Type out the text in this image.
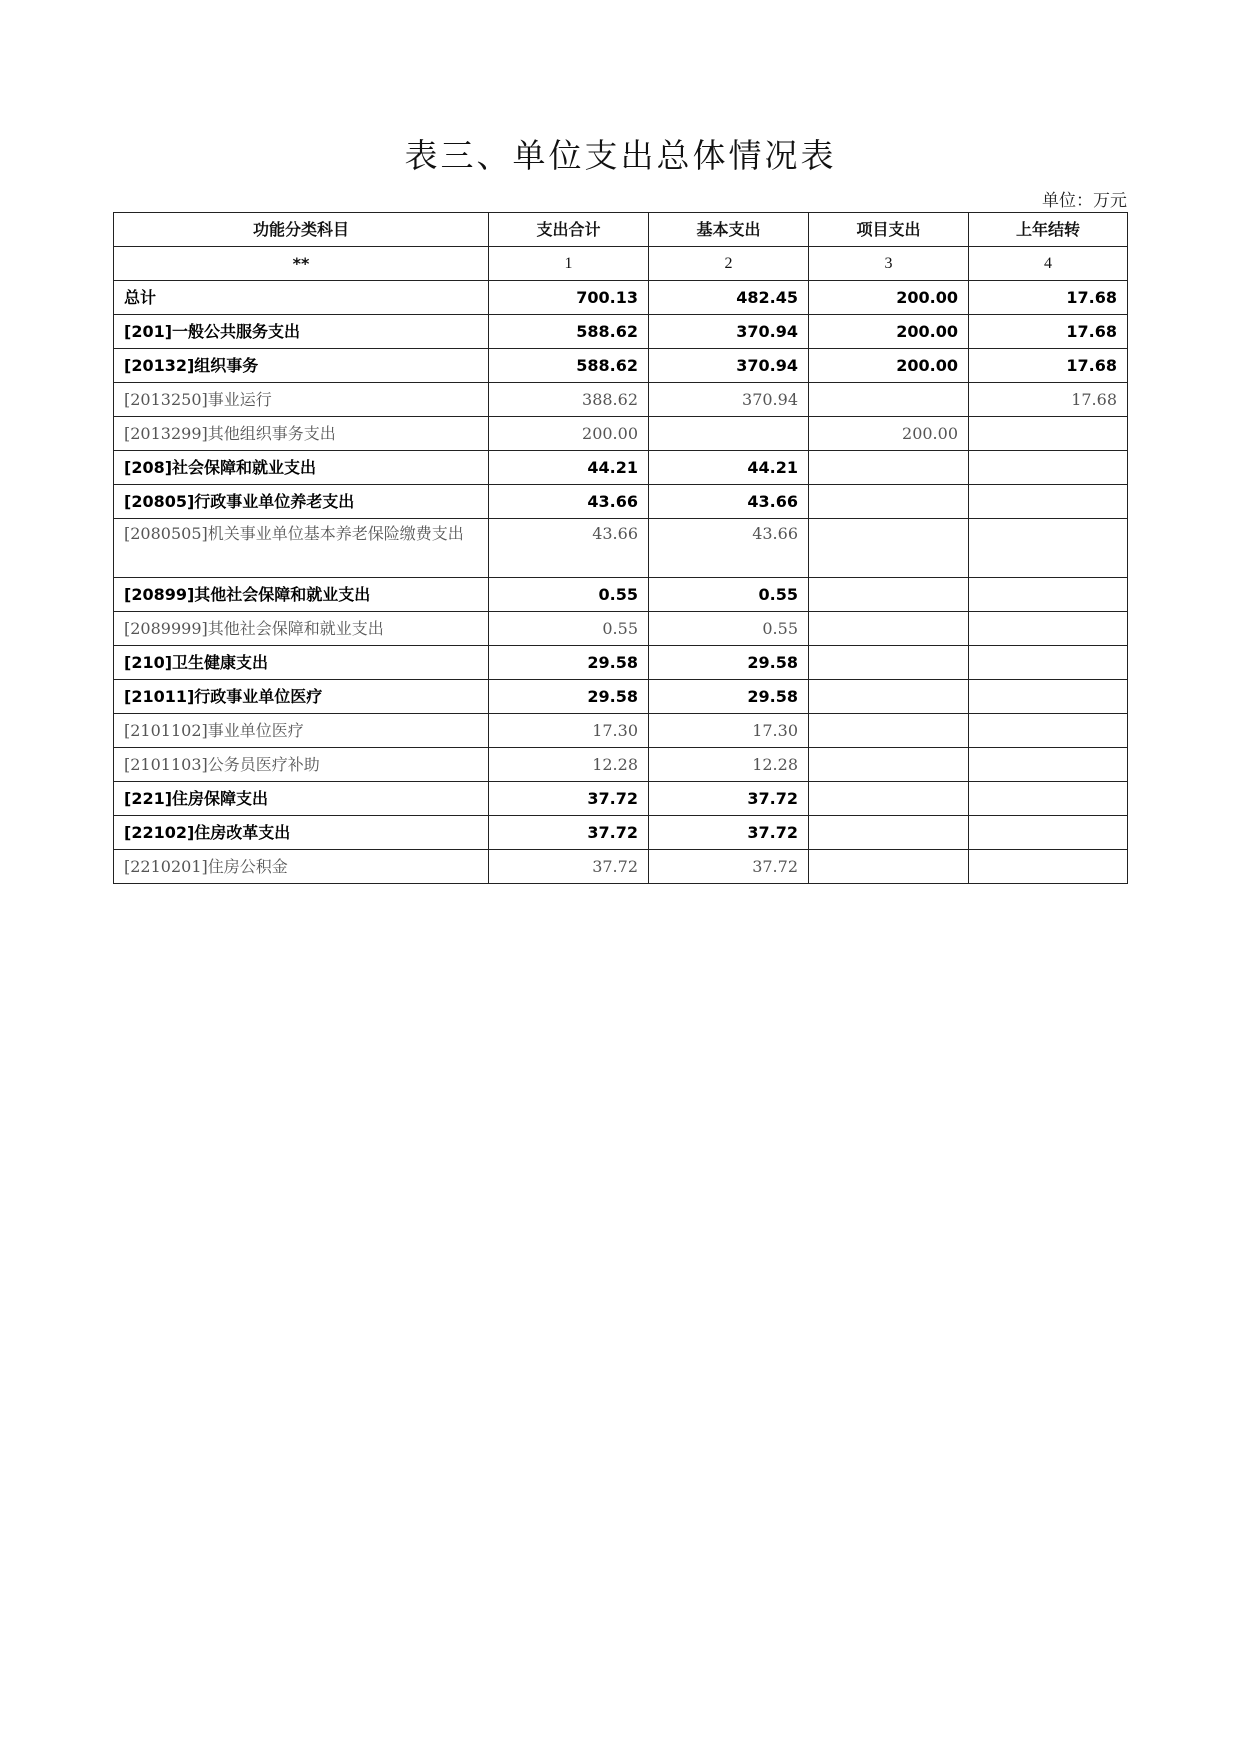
表三、单位支出总体情况表
单位：万元
功能分类科目	支出合计	基本支出	项目支出	上年结转
**	1	2	3	4
总计	700.13	482.45	200.00	17.68
[201]一般公共服务支出	588.62	370.94	200.00	17.68
[20132]组织事务	588.62	370.94	200.00	17.68
[2013250]事业运行	388.62	370.94		17.68
[2013299]其他组织事务支出	200.00		200.00	
[208]社会保障和就业支出	44.21	44.21		
[20805]行政事业单位养老支出	43.66	43.66		
[2080505]机关事业单位基本养老保险缴费支出	43.66	43.66		
[20899]其他社会保障和就业支出	0.55	0.55		
[2089999]其他社会保障和就业支出	0.55	0.55		
[210]卫生健康支出	29.58	29.58		
[21011]行政事业单位医疗	29.58	29.58		
[2101102]事业单位医疗	17.30	17.30		
[2101103]公务员医疗补助	12.28	12.28		
[221]住房保障支出	37.72	37.72		
[22102]住房改革支出	37.72	37.72		
[2210201]住房公积金	37.72	37.72		
